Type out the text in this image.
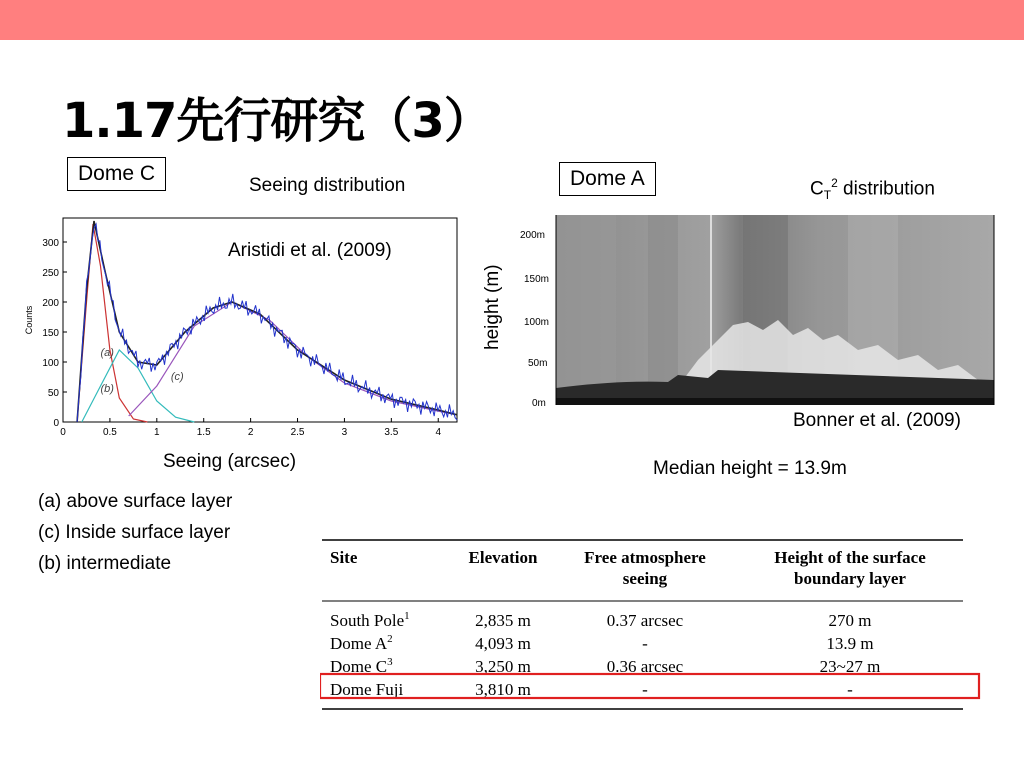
1.17先行研究（3）
Dome C
Seeing distribution
0
50
100
150
200
250
300
0	0.5	1	1.5	2	2.5	3	3.5	4
Counts
(a)
(b)
(c)
Aristidi et al. (2009)
Seeing (arcsec)
(a) above surface layer
(c) Inside surface layer
(b) intermediate
Dome A	$C_T^2$ distribution
height (m)
200m
150m
100m
50m
0m
Bonner et al. (2009)
Median height = 13.9m
Site	Elevation	Free atmosphere
seeing
Height of the surface
boundary layer
South Pole$^1$	2,835 m	0.37 arcsec	270 m
Dome $A^2$	4,093 m	-	13.9 m
Dome $C^3$	3,250 m	0.36 arcsec	23~27 m
Dome Fuji	3,810 m	-	-
